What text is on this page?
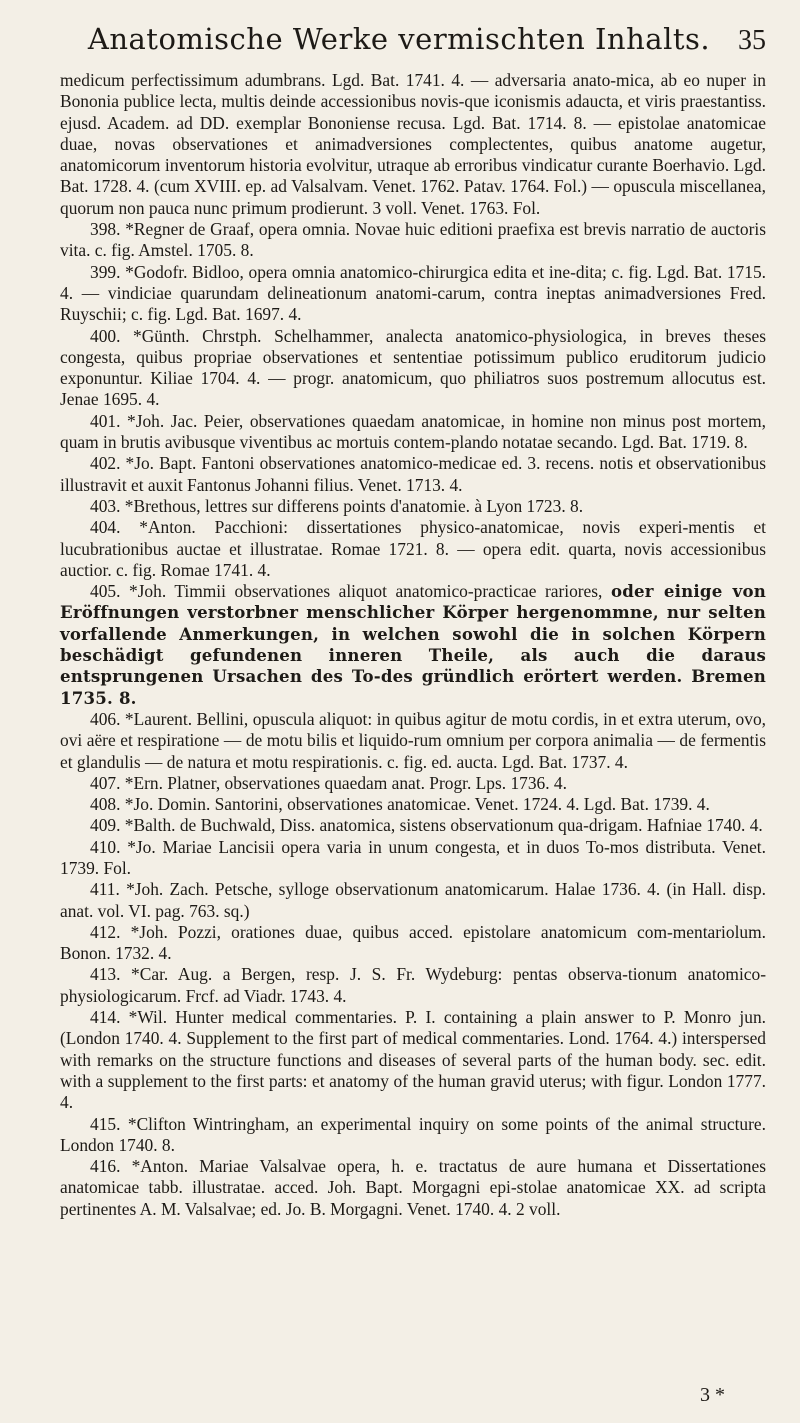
Anatomische Werke vermischten Inhalts. 35

medicum perfectissimum adumbrans. Lgd. Bat. 1741. 4. — adversaria anato-mica, ab eo nuper in Bononia publice lecta, multis deinde accessionibus novis-que iconismis adaucta, et viris praestantiss. ejusd. Academ. ad DD. exemplar Bononiense recusa. Lgd. Bat. 1714. 8. — epistolae anatomicae duae, novas observationes et animadversiones complectentes, quibus anatome augetur, anatomicorum inventorum historia evolvitur, utraque ab erroribus vindicatur curante Boerhavio. Lgd. Bat. 1728. 4. (cum XVIII. ep. ad Valsalvam. Venet. 1762. Patav. 1764. Fol.) — opuscula miscellanea, quorum non pauca nunc primum prodierunt. 3 voll. Venet. 1763. Fol.

398. *Regner de Graaf, opera omnia. Novae huic editioni praefixa est brevis narratio de auctoris vita. c. fig. Amstel. 1705. 8.

399. *Godofr. Bidloo, opera omnia anatomico-chirurgica edita et ine-dita; c. fig. Lgd. Bat. 1715. 4. — vindiciae quarundam delineationum anatomi-carum, contra ineptas animadversiones Fred. Ruyschii; c. fig. Lgd. Bat. 1697. 4.

400. *Günth. Chrstph. Schelhammer, analecta anatomico-physiologica, in breves theses congesta, quibus propriae observationes et sententiae potissimum publico eruditorum judicio exponuntur. Kiliae 1704. 4. — progr. anatomicum, quo philiatros suos postremum allocutus est. Jenae 1695. 4.

401. *Joh. Jac. Peier, observationes quaedam anatomicae, in homine non minus post mortem, quam in brutis avibusque viventibus ac mortuis contem-plando notatae secando. Lgd. Bat. 1719. 8.

402. *Jo. Bapt. Fantoni observationes anatomico-medicae ed. 3. recens. notis et observationibus illustravit et auxit Fantonus Johanni filius. Venet. 1713. 4.

403. *Brethous, lettres sur differens points d'anatomie. à Lyon 1723. 8.

404. *Anton. Pacchioni: dissertationes physico-anatomicae, novis experi-mentis et lucubrationibus auctae et illustratae. Romae 1721. 8. — opera edit. quarta, novis accessionibus auctior. c. fig. Romae 1741. 4.

405. *Joh. Timmii observationes aliquot anatomico-practicae rariores, oder einige von Eröffnungen verstorbner menschlicher Körper hergenommne, nur selten vorfallende Anmerkungen, in welchen sowohl die in solchen Körpern beschädigt gefundenen inneren Theile, als auch die daraus entsprungenen Ursachen des To-des gründlich erörtert werden. Bremen 1735. 8.

406. *Laurent. Bellini, opuscula aliquot: in quibus agitur de motu cordis, in et extra uterum, ovo, ovi aëre et respiratione — de motu bilis et liquido-rum omnium per corpora animalia — de fermentis et glandulis — de natura et motu respirationis. c. fig. ed. aucta. Lgd. Bat. 1737. 4.

407. *Ern. Platner, observationes quaedam anat. Progr. Lps. 1736. 4.

408. *Jo. Domin. Santorini, observationes anatomicae. Venet. 1724. 4. Lgd. Bat. 1739. 4.

409. *Balth. de Buchwald, Diss. anatomica, sistens observationum qua-drigam. Hafniae 1740. 4.

410. *Jo. Mariae Lancisii opera varia in unum congesta, et in duos To-mos distributa. Venet. 1739. Fol.

411. *Joh. Zach. Petsche, sylloge observationum anatomicarum. Halae 1736. 4. (in Hall. disp. anat. vol. VI. pag. 763. sq.)

412. *Joh. Pozzi, orationes duae, quibus acced. epistolare anatomicum com-mentariolum. Bonon. 1732. 4.

413. *Car. Aug. a Bergen, resp. J. S. Fr. Wydeburg: pentas observa-tionum anatomico-physiologicarum. Frcf. ad Viadr. 1743. 4.

414. *Wil. Hunter medical commentaries. P. I. containing a plain answer to P. Monro jun. (London 1740. 4. Supplement to the first part of medical commentaries. Lond. 1764. 4.) interspersed with remarks on the structure functions and diseases of several parts of the human body. sec. edit. with a supplement to the first parts: et anatomy of the human gravid uterus; with figur. London 1777. 4.

415. *Clifton Wintringham, an experimental inquiry on some points of the animal structure. London 1740. 8.

416. *Anton. Mariae Valsalvae opera, h. e. tractatus de aure humana et Dissertationes anatomicae tabb. illustratae. acced. Joh. Bapt. Morgagni epi-stolae anatomicae XX. ad scripta pertinentes A. M. Valsalvae; ed. Jo. B. Morgagni. Venet. 1740. 4. 2 voll.

3 *
